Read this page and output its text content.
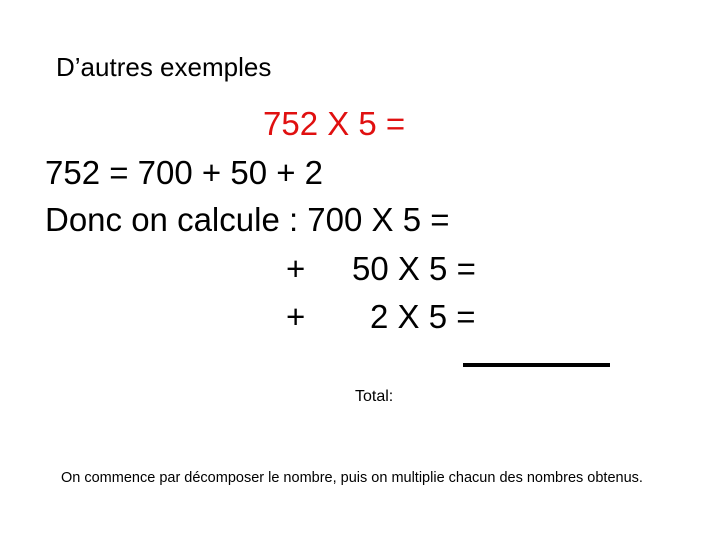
D’autres exemples
752 X 5 =
752 = 700 + 50 + 2
Donc on calcule : 700 X 5 =
+ 50 X 5 =
+ 2 X 5 =
Total:
On commence par décomposer le nombre, puis on multiplie chacun des nombres obtenus.
